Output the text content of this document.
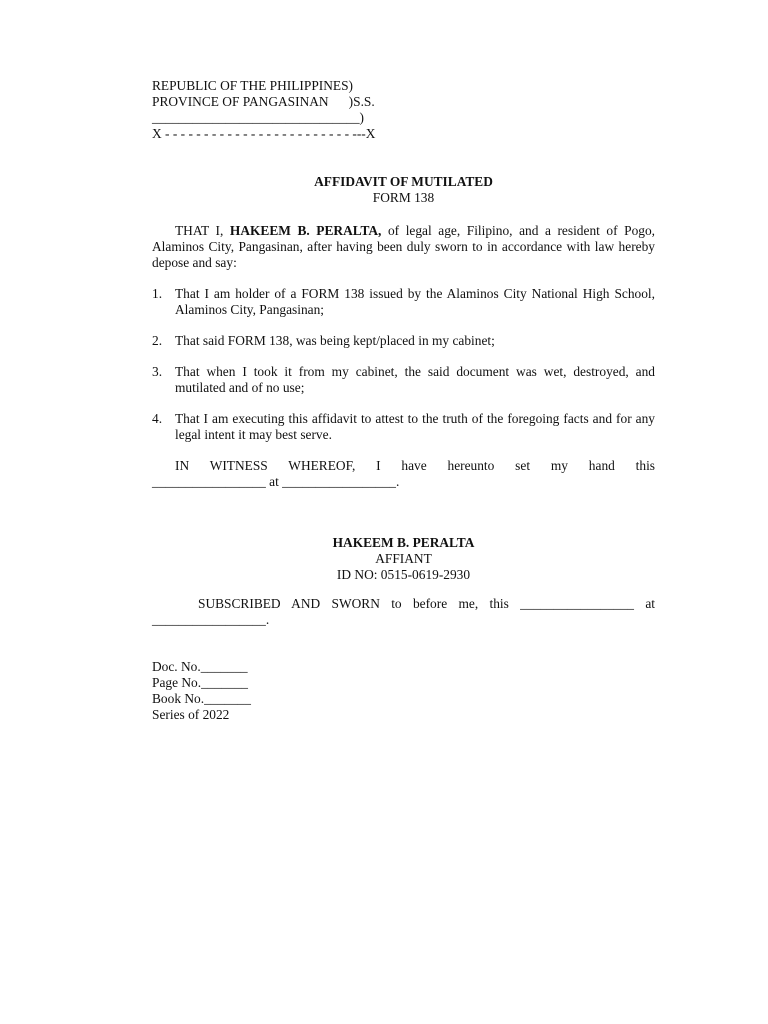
REPUBLIC OF THE PHILIPPINES)
PROVINCE OF PANGASINAN      )S.S.
_______________________________)
X - - - - - - - - - - - - - - - - - - - - - - - - ---X
AFFIDAVIT OF MUTILATED
FORM 138

THAT I, HAKEEM B. PERALTA, of legal age, Filipino, and a resident of Pogo, Alaminos City, Pangasinan, after having been duly sworn to in accordance with law hereby depose and say:

1. That I am holder of a FORM 138 issued by the Alaminos City National High School, Alaminos City, Pangasinan;
2. That said FORM 138, was being kept/placed in my cabinet;
3. That when I took it from my cabinet, the said document was wet, destroyed, and mutilated and of no use;
4. That I am executing this affidavit to attest to the truth of the foregoing facts and for any legal intent it may best serve.
IN WITNESS WHEREOF, I have hereunto set my hand this
_________________ at _________________.
HAKEEM B. PERALTA
AFFIANT
ID NO: 0515-0619-2930
SUBSCRIBED AND SWORN to before me, this _________________ at
_________________.
Doc. No._______
Page No._______
Book No._______
Series of 2022
